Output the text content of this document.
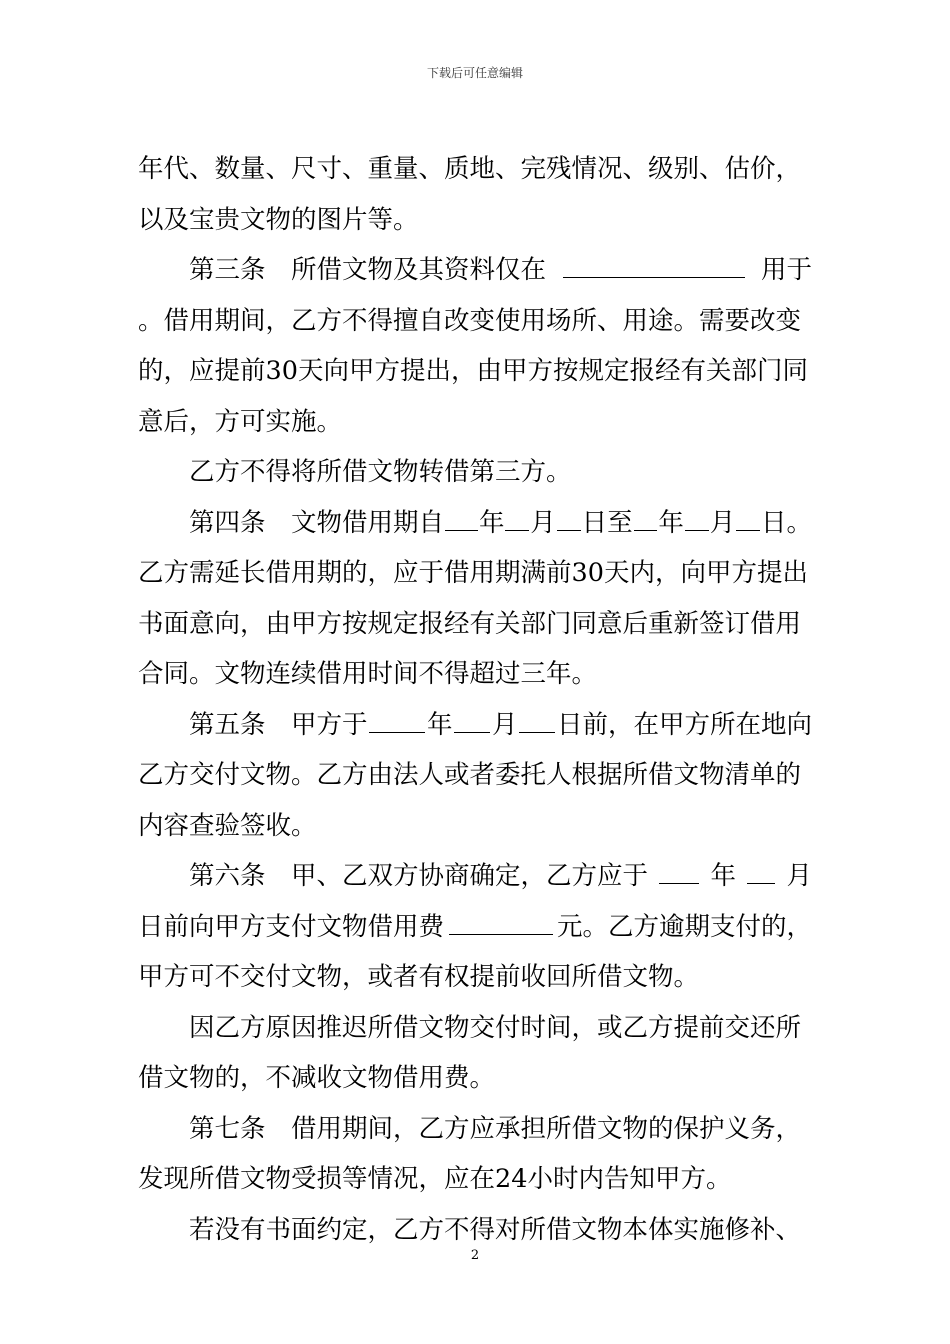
下载后可任意编辑
年代、数量、尺寸、重量、质地、完残情况、级别、估价，
以及宝贵文物的图片等。
第三条　所借文物及其资料仅在	用于
。借用期间，乙方不得擅自改变使用场所、用途。需要改变
的，应提前30天向甲方提出，由甲方按规定报经有关部门同
意后，方可实施。
乙方不得将所借文物转借第三方。
第四条　文物借用期自 年 月 日至 年 月 日。
乙方需延长借用期的，应于借用期满前30天内，向甲方提出
书面意向，由甲方按规定报经有关部门同意后重新签订借用
合同。文物连续借用时间不得超过三年。
第五条　甲方于 年 月 日前，在甲方所在地向
乙方交付文物。乙方由法人或者委托人根据所借文物清单的
内容查验签收。
第六条　甲、乙双方协商确定，乙方应于 年 月
日前向甲方支付文物借用费	元。乙方逾期支付的，
甲方可不交付文物，或者有权提前收回所借文物。
因乙方原因推迟所借文物交付时间，或乙方提前交还所
借文物的，不减收文物借用费。
第七条　借用期间，乙方应承担所借文物的保护义务，
发现所借文物受损等情况，应在24小时内告知甲方。
若没有书面约定，乙方不得对所借文物本体实施修补、
2
